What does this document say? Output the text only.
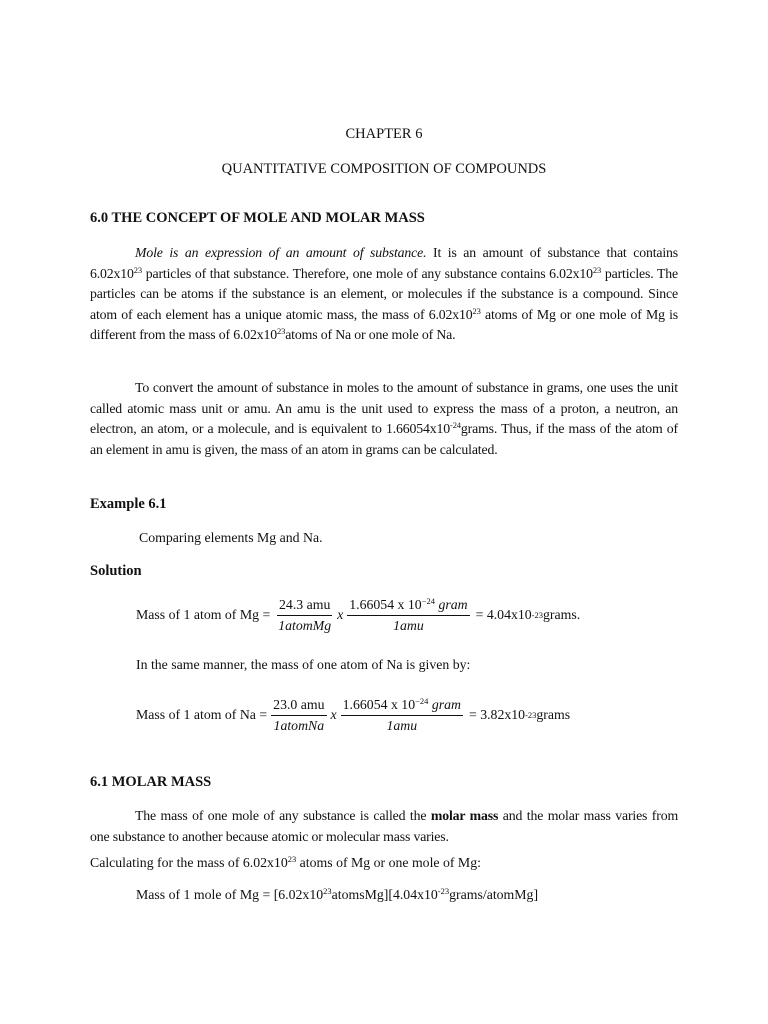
CHAPTER 6
QUANTITATIVE COMPOSITION OF COMPOUNDS
6.0 THE CONCEPT OF MOLE AND MOLAR MASS
Mole is an expression of an amount of substance. It is an amount of substance that contains $6.02x10^{23}$ particles of that substance. Therefore, one mole of any substance contains $6.02x10^{23}$ particles. The particles can be atoms if the substance is an element, or molecules if the substance is a compound. Since atom of each element has a unique atomic mass, the mass of $6.02x10^{23}$ atoms of Mg or one mole of Mg is different from the mass of $6.02x10^{23}atoms$ of Na or one mole of Na.
To convert the amount of substance in moles to the amount of substance in grams, one uses the unit called atomic mass unit or amu. An amu is the unit used to express the mass of a proton, a neutron, an electron, an atom, or a molecule, and is equivalent to $1.66054x10^{-24}grams$. Thus, if the mass of the atom of an element in amu is given, the mass of an atom in grams can be calculated.
Example 6.1
Comparing elements Mg and Na.
Solution
Mass of 1 atom of $Mg = \frac{\text{24.3 amu}}{\text{1atomMg}}$ x $\frac{1.66054 x 10^{-24} gram}{\text{1amu}} = 4.04x10$ -23 grams.
In the same manner, the mass of one atom of Na is given by:
Mass of 1 atom of $Na = \frac{\text{23.0 amu}}{\text{1atomNa}}$ x $\frac{1.66054 x 10^{-24} gram}{\text{1amu}} = 3.82x10$ -23 grams
6.1 MOLAR MASS
The mass of one mole of any substance is called the molar mass and the molar mass varies from one substance to another because atomic or molecular mass varies.
Calculating for the mass of $6.02x10^{23}$ atoms of Mg or one mole of Mg:
Mass of 1 mole of $Mg = [6.02x10^{23}atomsMg][4.04x10^{-23}grams/atomMg]$
